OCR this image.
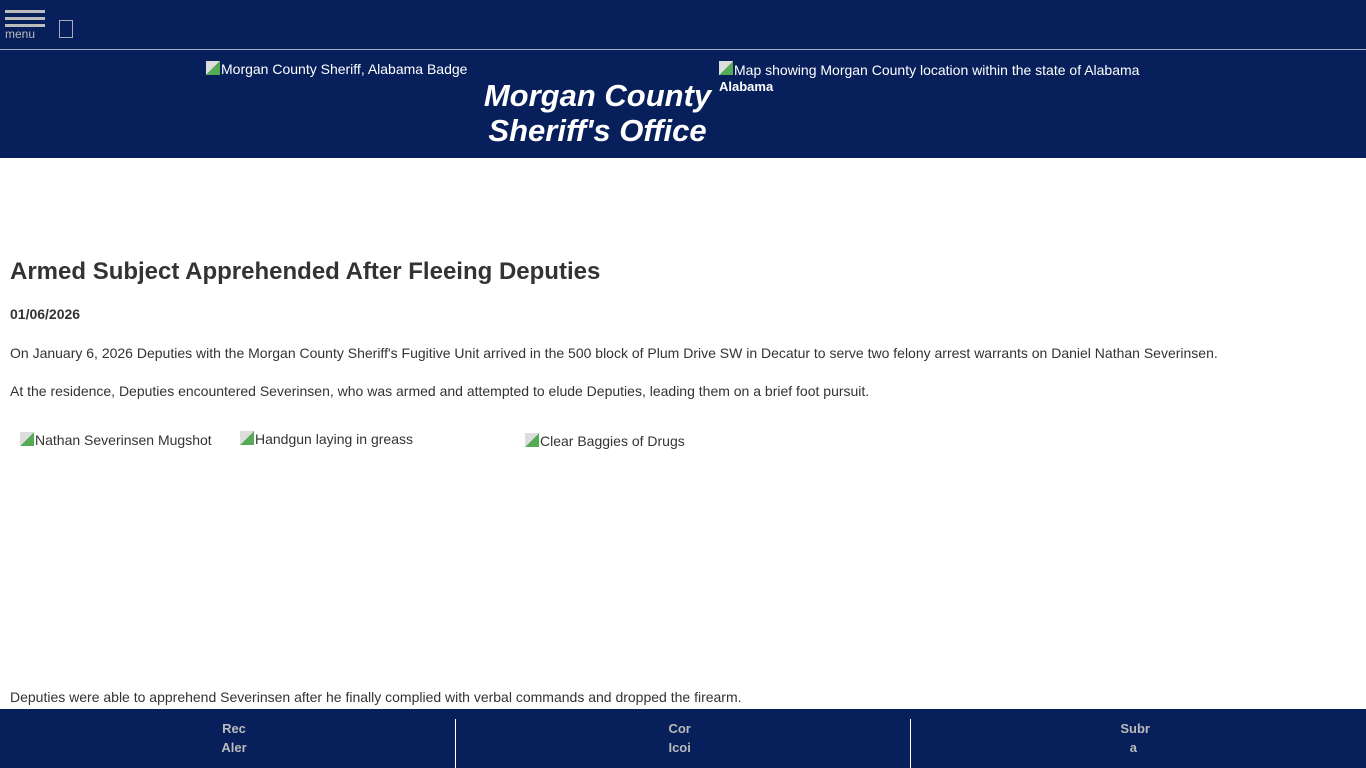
menu
Morgan County Sheriff, Alabama Badge
Morgan County Sheriff's Office
Map showing Morgan County location within the state of Alabama
Alabama
Armed Subject Apprehended After Fleeing Deputies
01/06/2026
On January 6, 2026 Deputies with the Morgan County Sheriff's Fugitive Unit arrived in the 500 block of Plum Drive SW in Decatur to serve two felony arrest warrants on Daniel Nathan Severinsen.
At the residence, Deputies encountered Severinsen, who was armed and attempted to elude Deputies, leading them on a brief foot pursuit.
Nathan Severinsen Mugshot	Handgun laying in greass	Clear Baggies of Drugs
Deputies were able to apprehend Severinsen after he finally complied with verbal commands and dropped the firearm.
Rec Aler
Cor Icoi
Subr a
